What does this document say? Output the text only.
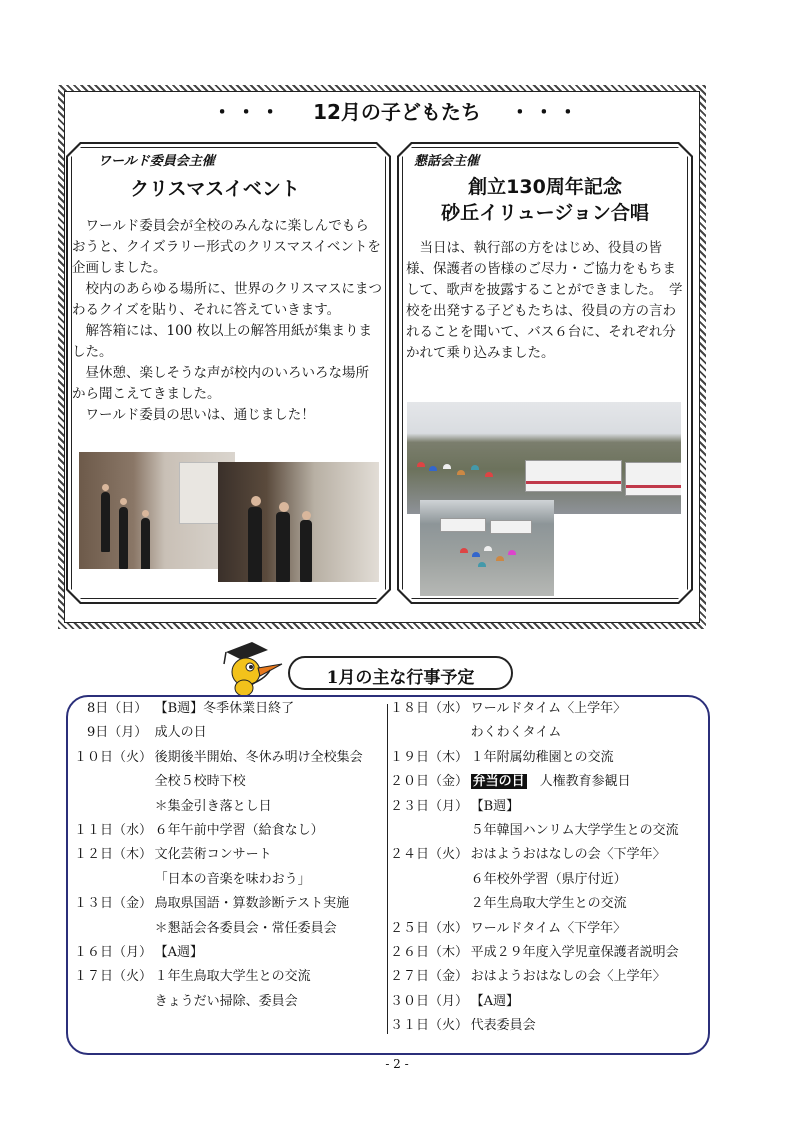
・・・ 12月の子どもたち ・・・
ワールド委員会主催
クリスマスイベント

ワールド委員会が全校のみんなに楽しんでもらおうと、クイズラリー形式のクリスマスイベントを企画しました。

校内のあらゆる場所に、世界のクリスマスにまつわるクイズを貼り、それに答えていきます。

解答箱には、100 枚以上の解答用紙が集まりました。

昼休憩、楽しそうな声が校内のいろいろな場所から聞こえてきました。

ワールド委員の思いは、通じました！

懇話会主催
創立130周年記念
砂丘イリュージョン合唱

当日は、執行部の方をはじめ、役員の皆様、保護者の皆様のご尽力・ご協力をもちまして、歌声を披露することができました。　学校を出発する子どもたちは、役員の方の言われることを聞いて、バス６台に、それぞれ分かれて乗り込みました。

1月の主な行事予定
　8日（日） 【B週】冬季休業日終了
　9日（月） 成人の日
１０日（火） 後期後半開始、冬休み明け全校集会
全校５校時下校
＊集金引き落とし日
１１日（水） ６年午前中学習（給食なし）
１２日（木） 文化芸術コンサート
「日本の音楽を味わおう」
１３日（金） 鳥取県国語・算数診断テスト実施
＊懇話会各委員会・常任委員会
１６日（月） 【A週】
１７日（火） １年生鳥取大学生との交流
きょうだい掃除、委員会
１８日（水） ワールドタイム〈上学年〉
わくわくタイム
１９日（木） １年附属幼稚園との交流
２０日（金） 弁当の日　人権教育参観日
２３日（月） 【B週】
５年韓国ハンリム大学学生との交流
２４日（火） おはようおはなしの会〈下学年〉
６年校外学習（県庁付近）
２年生鳥取大学生との交流
２５日（水） ワールドタイム〈下学年〉
２６日（木） 平成２９年度入学児童保護者説明会
２７日（金） おはようおはなしの会〈上学年〉
３０日（月） 【A週】
３１日（火） 代表委員会
- 2 -
